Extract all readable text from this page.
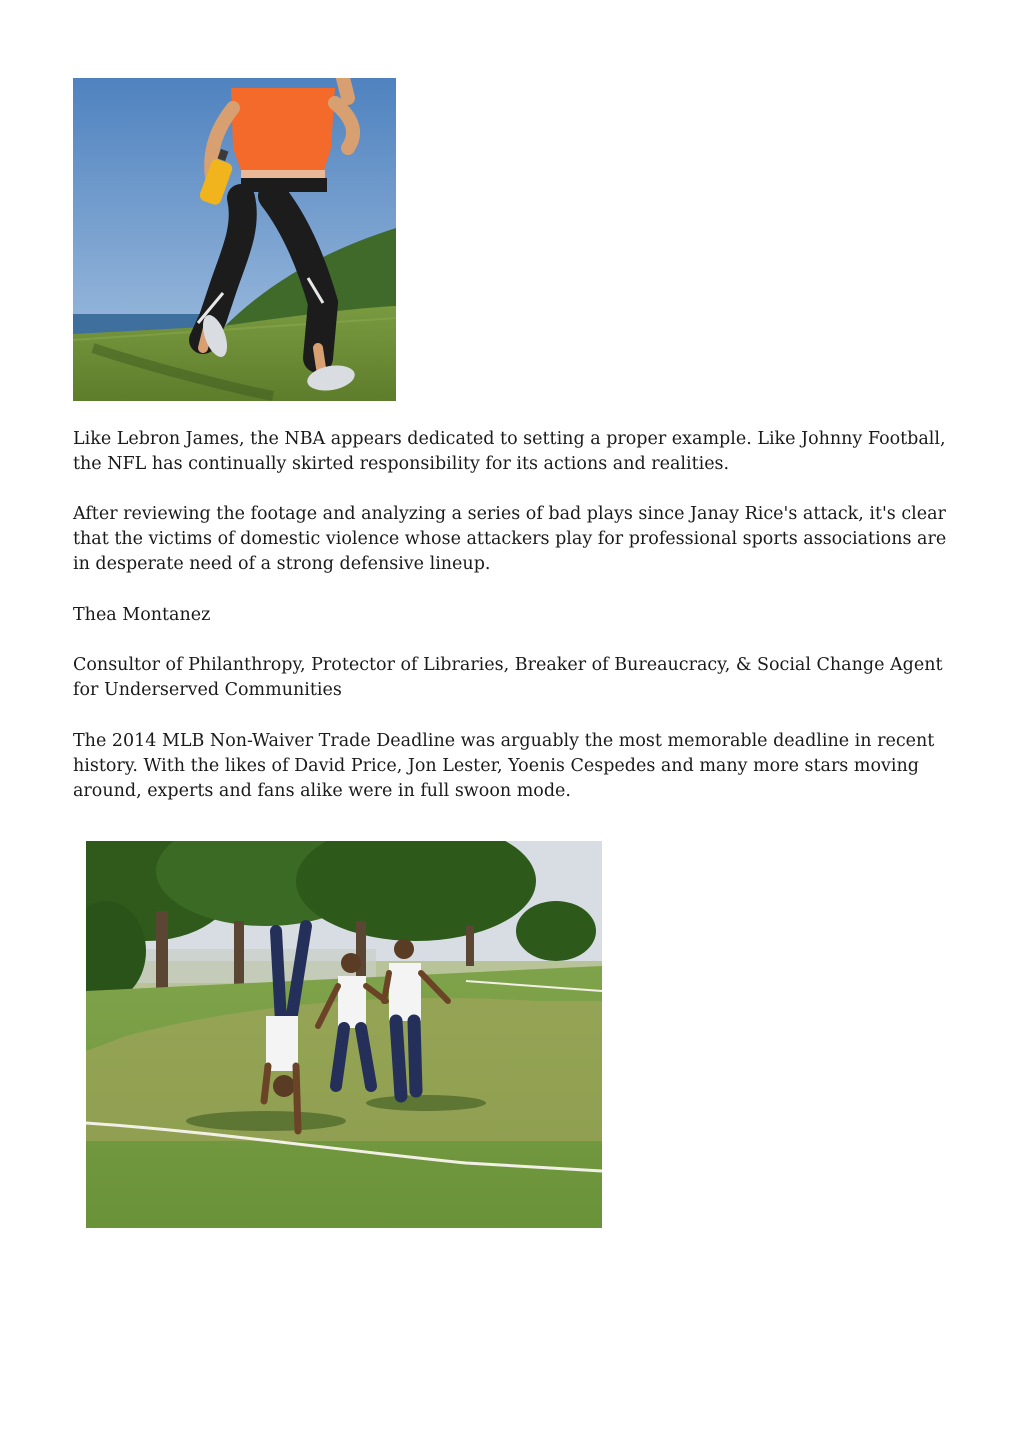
Like Lebron James, the NBA appears dedicated to setting a proper example. Like Johnny Football, the NFL has continually skirted responsibility for its actions and realities.

After reviewing the footage and analyzing a series of bad plays since Janay Rice's attack, it's clear that the victims of domestic violence whose attackers play for professional sports associations are in desperate need of a strong defensive lineup.

Thea Montanez

Consultor of Philanthropy, Protector of Libraries, Breaker of Bureaucracy, & Social Change Agent for Underserved Communities

The 2014 MLB Non-Waiver Trade Deadline was arguably the most memorable deadline in recent history. With the likes of David Price, Jon Lester, Yoenis Cespedes and many more stars moving around, experts and fans alike were in full swoon mode.
